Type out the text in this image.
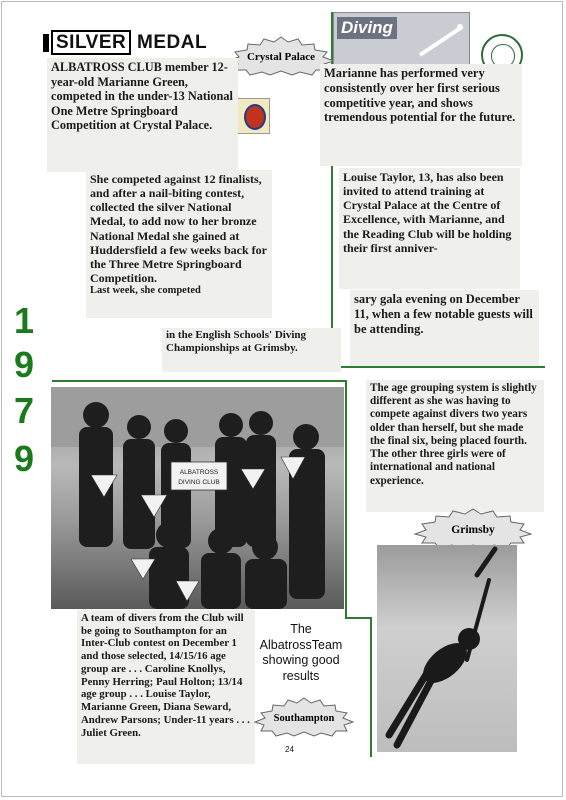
SILVER MEDAL
Crystal Palace
Diving

ALBATROSS CLUB member 12-year-old Marianne Green, competed in the under-13 National One Metre Springboard Competition at Crystal Palace.

She competed against 12 finalists, and after a nail-biting contest, collected the silver National Medal, to add now to her bronze National Medal she gained at Huddersfield a few weeks back for the Three Metre Springboard Competition.

Last week, she competed

in the English Schools' Diving Championships at Grimsby.

1
9
7
9

Marianne has performed very consistently over her first serious competitive year, and shows tremendous potential for the future.

Louise Taylor, 13, has also been invited to attend training at Crystal Palace at the Centre of Excellence, with Marianne, and the Reading Club will be holding their first anniver-

sary gala evening on December 11, when a few notable guests will be attending.

The age grouping system is slightly different as she was having to compete against divers two years older than herself, but she made the final six, being placed fourth. The other three girls were of international and national experience.

Grimsby
ALBATROSS
DIVING CLUB

A team of divers from the Club will be going to Southampton for an Inter-Club contest on December 1 and those selected, 14/15/16 age group are . . . Caroline Knollys, Penny Herring; Paul Holton; 13/14 age group . . . Louise Taylor, Marianne Green, Diana Seward, Andrew Parsons; Under-11 years . . . Juliet Green.

The AlbatrossTeam showing good results
Southampton
24
